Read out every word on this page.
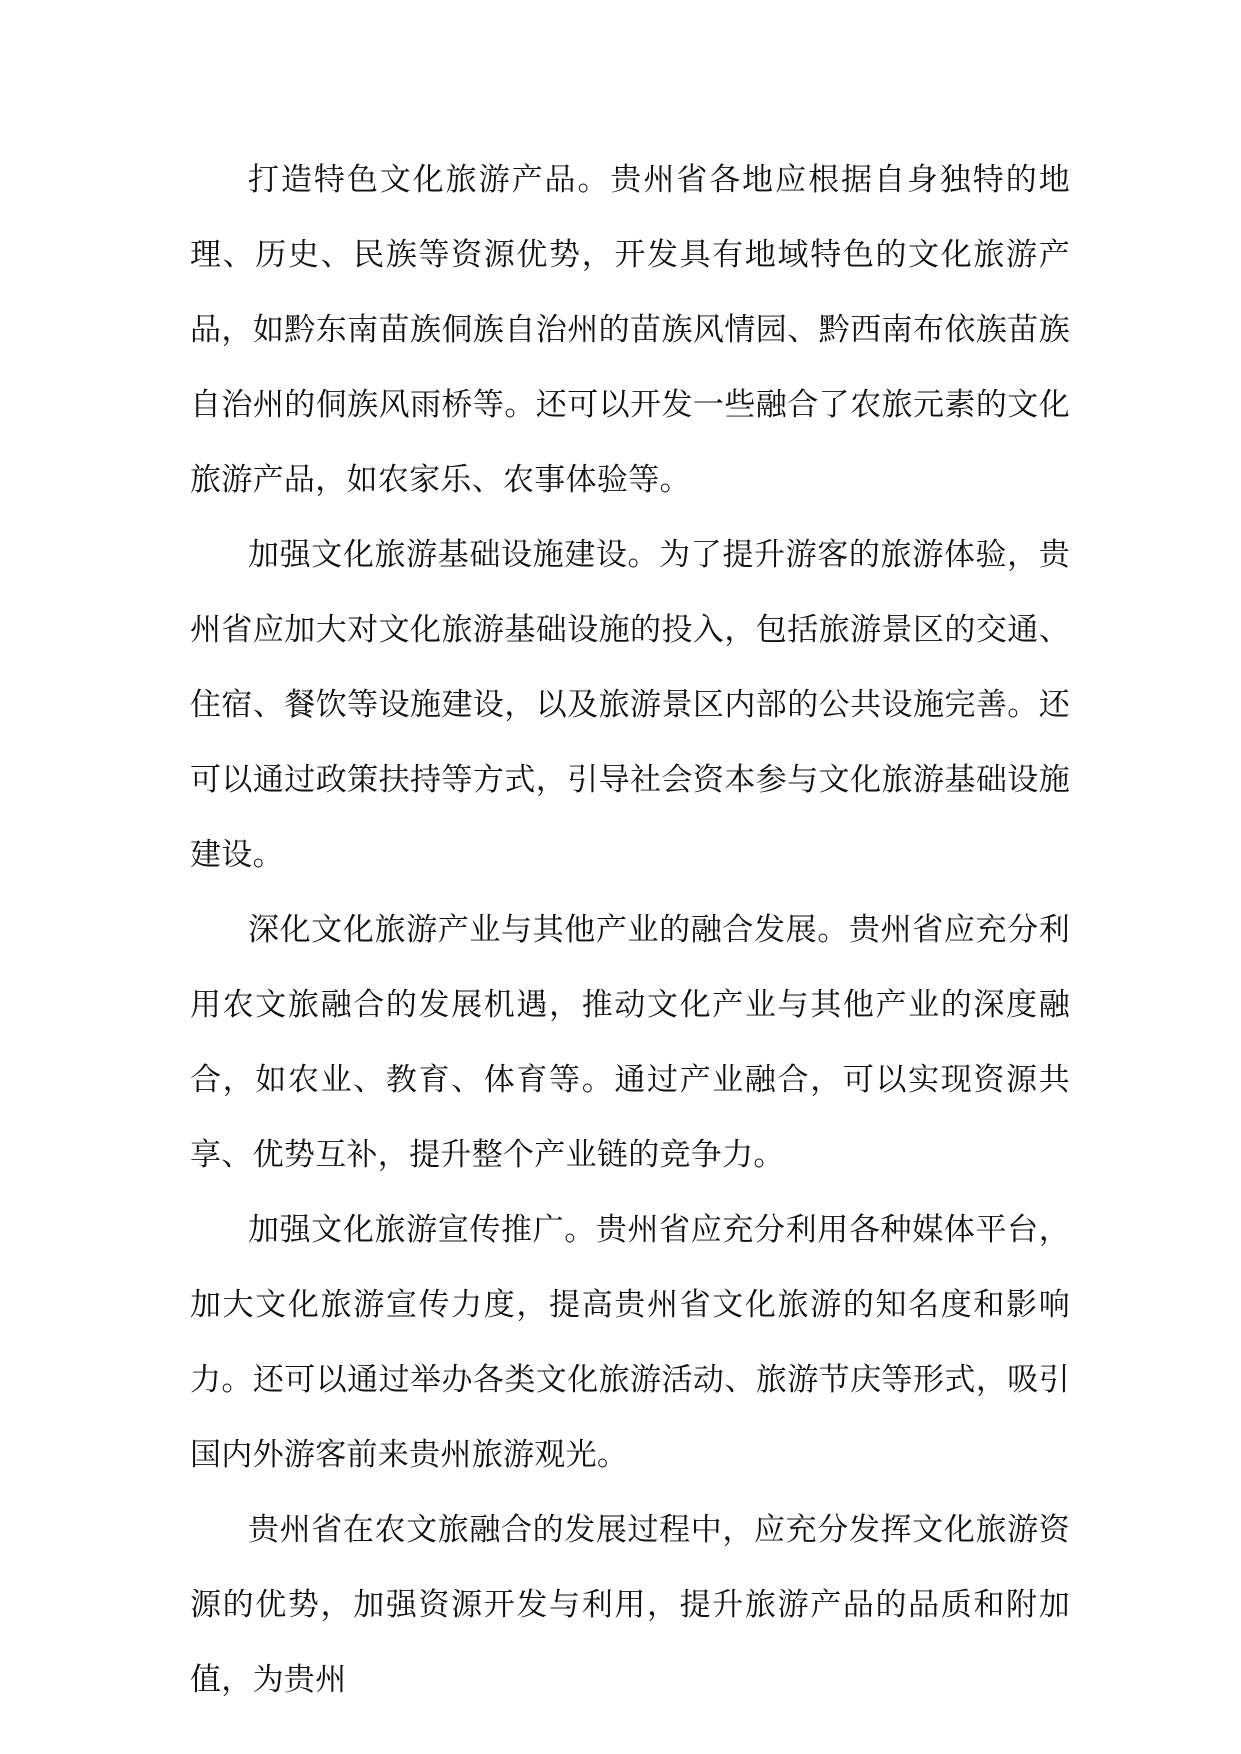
打造特色文化旅游产品。贵州省各地应根据自身独特的地理、历史、民族等资源优势，开发具有地域特色的文化旅游产品，如黔东南苗族侗族自治州的苗族风情园、黔西南布依族苗族自治州的侗族风雨桥等。还可以开发一些融合了农旅元素的文化旅游产品，如农家乐、农事体验等。

加强文化旅游基础设施建设。为了提升游客的旅游体验，贵州省应加大对文化旅游基础设施的投入，包括旅游景区的交通、住宿、餐饮等设施建设，以及旅游景区内部的公共设施完善。还可以通过政策扶持等方式，引导社会资本参与文化旅游基础设施建设。

深化文化旅游产业与其他产业的融合发展。贵州省应充分利用农文旅融合的发展机遇，推动文化产业与其他产业的深度融合，如农业、教育、体育等。通过产业融合，可以实现资源共享、优势互补，提升整个产业链的竞争力。

加强文化旅游宣传推广。贵州省应充分利用各种媒体平台，加大文化旅游宣传力度，提高贵州省文化旅游的知名度和影响力。还可以通过举办各类文化旅游活动、旅游节庆等形式，吸引国内外游客前来贵州旅游观光。

贵州省在农文旅融合的发展过程中，应充分发挥文化旅游资源的优势，加强资源开发与利用，提升旅游产品的品质和附加值，为贵州
